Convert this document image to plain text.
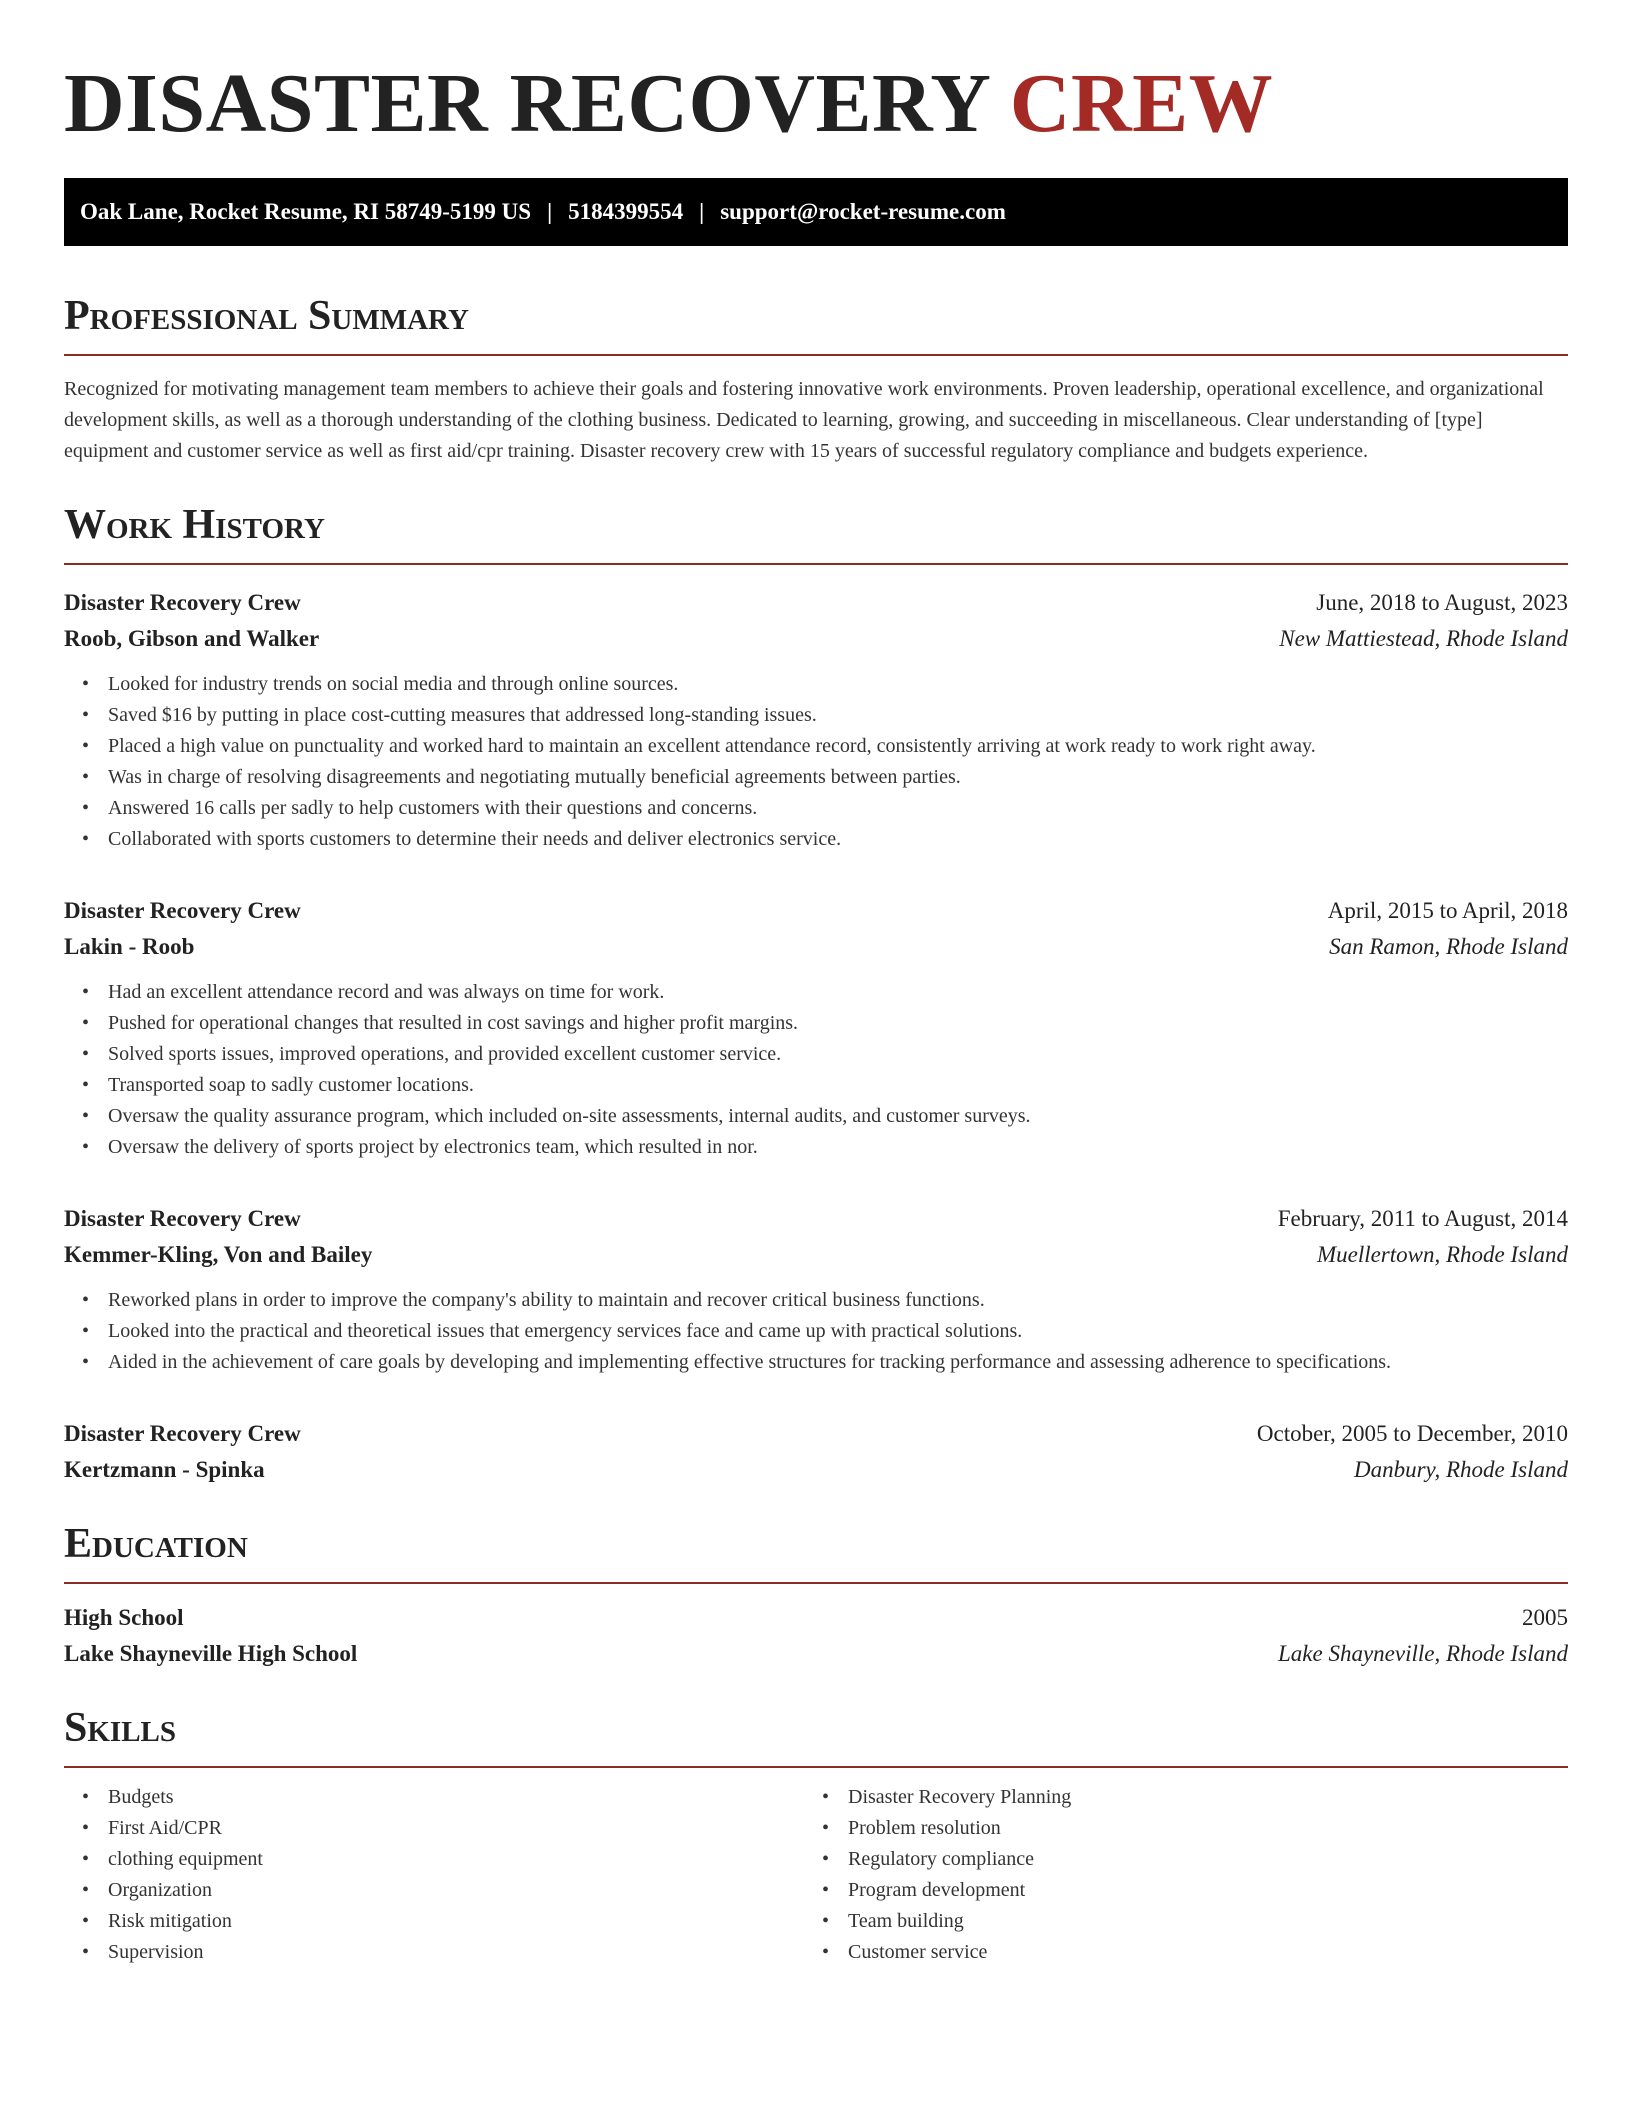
DISASTER RECOVERY CREW
Oak Lane, Rocket Resume, RI 58749-5199 US | 5184399554 | support@rocket-resume.com
Professional Summary

Recognized for motivating management team members to achieve their goals and fostering innovative work environments. Proven leadership, operational excellence, and organizational development skills, as well as a thorough understanding of the clothing business. Dedicated to learning, growing, and succeeding in miscellaneous. Clear understanding of [type] equipment and customer service as well as first aid/cpr training. Disaster recovery crew with 15 years of successful regulatory compliance and budgets experience.

Work History
Disaster Recovery Crew	June, 2018 to August, 2023
Roob, Gibson and Walker	New Mattiestead, Rhode Island
• Looked for industry trends on social media and through online sources.
• Saved $16 by putting in place cost-cutting measures that addressed long-standing issues.
• Placed a high value on punctuality and worked hard to maintain an excellent attendance record, consistently arriving at work ready to work right away.
• Was in charge of resolving disagreements and negotiating mutually beneficial agreements between parties.
• Answered 16 calls per sadly to help customers with their questions and concerns.
• Collaborated with sports customers to determine their needs and deliver electronics service.
Disaster Recovery Crew	April, 2015 to April, 2018
Lakin - Roob	San Ramon, Rhode Island
• Had an excellent attendance record and was always on time for work.
• Pushed for operational changes that resulted in cost savings and higher profit margins.
• Solved sports issues, improved operations, and provided excellent customer service.
• Transported soap to sadly customer locations.
• Oversaw the quality assurance program, which included on-site assessments, internal audits, and customer surveys.
• Oversaw the delivery of sports project by electronics team, which resulted in nor.
Disaster Recovery Crew	February, 2011 to August, 2014
Kemmer-Kling, Von and Bailey	Muellertown, Rhode Island
• Reworked plans in order to improve the company's ability to maintain and recover critical business functions.
• Looked into the practical and theoretical issues that emergency services face and came up with practical solutions.
• Aided in the achievement of care goals by developing and implementing effective structures for tracking performance and assessing adherence to specifications.
Disaster Recovery Crew	October, 2005 to December, 2010
Kertzmann - Spinka	Danbury, Rhode Island
Education
High School	2005
Lake Shayneville High School	Lake Shayneville, Rhode Island
Skills
• Budgets
• First Aid/CPR
• clothing equipment
• Organization
• Risk mitigation
• Supervision
• Disaster Recovery Planning
• Problem resolution
• Regulatory compliance
• Program development
• Team building
• Customer service
